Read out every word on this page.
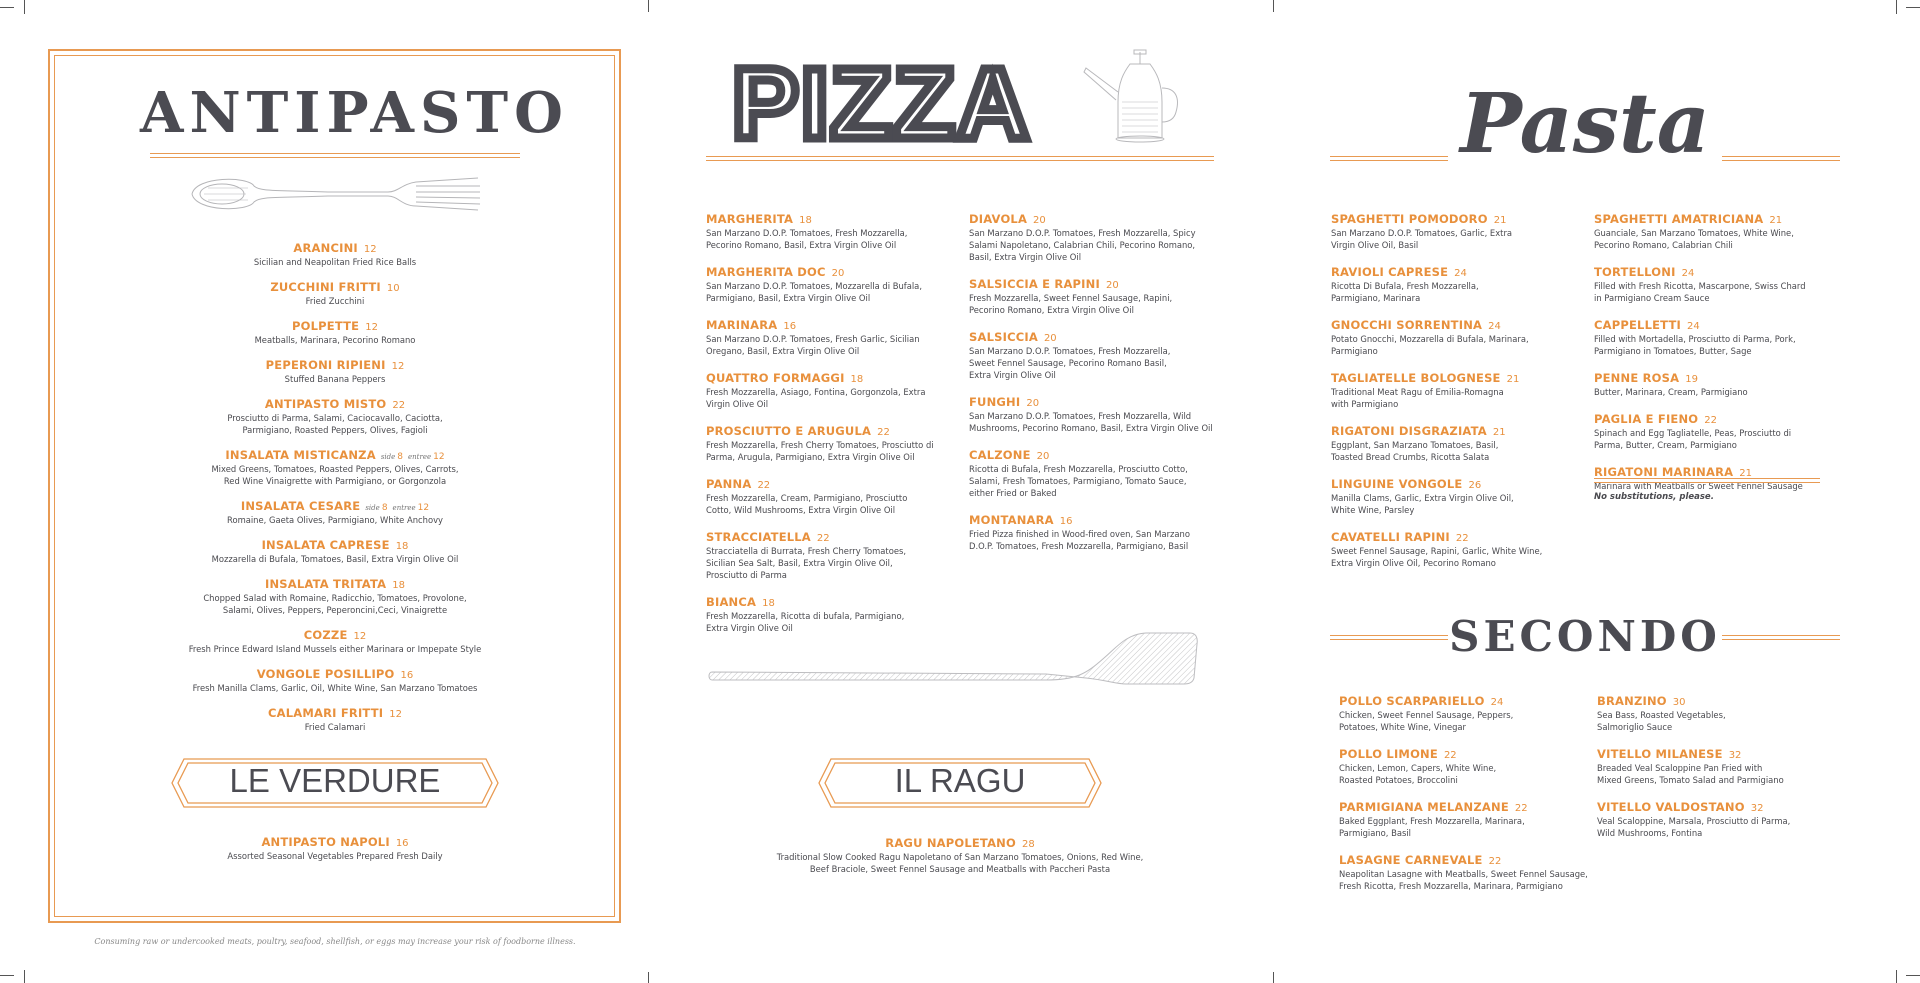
ANTIPASTO
ARANCINI 12
Sicilian and Neapolitan Fried Rice Balls
ZUCCHINI FRITTI 10
Fried Zucchini
POLPETTE 12
Meatballs, Marinara, Pecorino Romano
PEPERONI RIPIENI 12
Stuffed Banana Peppers
ANTIPASTO MISTO 22
Prosciutto di Parma, Salami, Caciocavallo, Caciotta,
Parmigiano, Roasted Peppers, Olives, Fagioli
INSALATA MISTICANZA side 8 entree 12
Mixed Greens, Tomatoes, Roasted Peppers, Olives, Carrots,
Red Wine Vinaigrette with Parmigiano, or Gorgonzola
INSALATA CESARE side 8 entree 12
Romaine, Gaeta Olives, Parmigiano, White Anchovy
INSALATA CAPRESE 18
Mozzarella di Bufala, Tomatoes, Basil, Extra Virgin Olive Oil
INSALATA TRITATA 18
Chopped Salad with Romaine, Radicchio, Tomatoes, Provolone,
Salami, Olives, Peppers, Peperoncini,Ceci, Vinaigrette
COZZE 12
Fresh Prince Edward Island Mussels either Marinara or Impepate Style
VONGOLE POSILLIPO 16
Fresh Manilla Clams, Garlic, Oil, White Wine, San Marzano Tomatoes
CALAMARI FRITTI 12
Fried Calamari
LE VERDURE
ANTIPASTO NAPOLI 16
Assorted Seasonal Vegetables Prepared Fresh Daily
Consuming raw or undercooked meats, poultry, seafood, shellfish, or eggs may increase your risk of foodborne illness.
PIZZA
MARGHERITA 18
San Marzano D.O.P. Tomatoes, Fresh Mozzarella,
Pecorino Romano, Basil, Extra Virgin Olive Oil
MARGHERITA DOC 20
San Marzano D.O.P. Tomatoes, Mozzarella di Bufala,
Parmigiano, Basil, Extra Virgin Olive Oil
MARINARA 16
San Marzano D.O.P. Tomatoes, Fresh Garlic, Sicilian
Oregano, Basil, Extra Virgin Olive Oil
QUATTRO FORMAGGI 18
Fresh Mozzarella, Asiago, Fontina, Gorgonzola, Extra
Virgin Olive Oil
PROSCIUTTO E ARUGULA 22
Fresh Mozzarella, Fresh Cherry Tomatoes, Prosciutto di
Parma, Arugula, Parmigiano, Extra Virgin Olive Oil
PANNA 22
Fresh Mozzarella, Cream, Parmigiano, Prosciutto
Cotto, Wild Mushrooms, Extra Virgin Olive Oil
STRACCIATELLA 22
Stracciatella di Burrata, Fresh Cherry Tomatoes,
Sicilian Sea Salt, Basil, Extra Virgin Olive Oil,
Prosciutto di Parma
BIANCA 18
Fresh Mozzarella, Ricotta di bufala, Parmigiano,
Extra Virgin Olive Oil
DIAVOLA 20
San Marzano D.O.P. Tomatoes, Fresh Mozzarella, Spicy
Salami Napoletano, Calabrian Chili, Pecorino Romano,
Basil, Extra Virgin Olive Oil
SALSICCIA E RAPINI 20
Fresh Mozzarella, Sweet Fennel Sausage, Rapini,
Pecorino Romano, Extra Virgin Olive Oil
SALSICCIA 20
San Marzano D.O.P. Tomatoes, Fresh Mozzarella,
Sweet Fennel Sausage, Pecorino Romano Basil,
Extra Virgin Olive Oil
FUNGHI 20
San Marzano D.O.P. Tomatoes, Fresh Mozzarella, Wild
Mushrooms, Pecorino Romano, Basil, Extra Virgin Olive Oil
CALZONE 20
Ricotta di Bufala, Fresh Mozzarella, Prosciutto Cotto,
Salami, Fresh Tomatoes, Parmigiano, Tomato Sauce,
either Fried or Baked
MONTANARA 16
Fried Pizza finished in Wood-fired oven, San Marzano
D.O.P. Tomatoes, Fresh Mozzarella, Parmigiano, Basil
IL RAGU
RAGU NAPOLETANO 28
Traditional Slow Cooked Ragu Napoletano of San Marzano Tomatoes, Onions, Red Wine,
Beef Braciole, Sweet Fennel Sausage and Meatballs with Paccheri Pasta
Pasta
SPAGHETTI POMODORO 21
San Marzano D.O.P. Tomatoes, Garlic, Extra
Virgin Olive Oil, Basil
RAVIOLI CAPRESE 24
Ricotta Di Bufala, Fresh Mozzarella,
Parmigiano, Marinara
GNOCCHI SORRENTINA 24
Potato Gnocchi, Mozzarella di Bufala, Marinara,
Parmigiano
TAGLIATELLE BOLOGNESE 21
Traditional Meat Ragu of Emilia-Romagna
with Parmigiano
RIGATONI DISGRAZIATA 21
Eggplant, San Marzano Tomatoes, Basil,
Toasted Bread Crumbs, Ricotta Salata
LINGUINE VONGOLE 26
Manilla Clams, Garlic, Extra Virgin Olive Oil,
White Wine, Parsley
CAVATELLI RAPINI 22
Sweet Fennel Sausage, Rapini, Garlic, White Wine,
Extra Virgin Olive Oil, Pecorino Romano
SPAGHETTI AMATRICIANA 21
Guanciale, San Marzano Tomatoes, White Wine,
Pecorino Romano, Calabrian Chili
TORTELLONI 24
Filled with Fresh Ricotta, Mascarpone, Swiss Chard
in Parmigiano Cream Sauce
CAPPELLETTI 24
Filled with Mortadella, Prosciutto di Parma, Pork,
Parmigiano in Tomatoes, Butter, Sage
PENNE ROSA 19
Butter, Marinara, Cream, Parmigiano
PAGLIA E FIENO 22
Spinach and Egg Tagliatelle, Peas, Prosciutto di
Parma, Butter, Cream, Parmigiano
RIGATONI MARINARA 21
Marinara with Meatballs or Sweet Fennel Sausage
No substitutions, please.
SECONDO
POLLO SCARPARIELLO 24
Chicken, Sweet Fennel Sausage, Peppers,
Potatoes, White Wine, Vinegar
POLLO LIMONE 22
Chicken, Lemon, Capers, White Wine,
Roasted Potatoes, Broccolini
PARMIGIANA MELANZANE 22
Baked Eggplant, Fresh Mozzarella, Marinara,
Parmigiano, Basil
LASAGNE CARNEVALE 22
Neapolitan Lasagne with Meatballs, Sweet Fennel Sausage,
Fresh Ricotta, Fresh Mozzarella, Marinara, Parmigiano
BRANZINO 30
Sea Bass, Roasted Vegetables,
Salmoriglio Sauce
VITELLO MILANESE 32
Breaded Veal Scaloppine Pan Fried with
Mixed Greens, Tomato Salad and Parmigiano
VITELLO VALDOSTANO 32
Veal Scaloppine, Marsala, Prosciutto di Parma,
Wild Mushrooms, Fontina
